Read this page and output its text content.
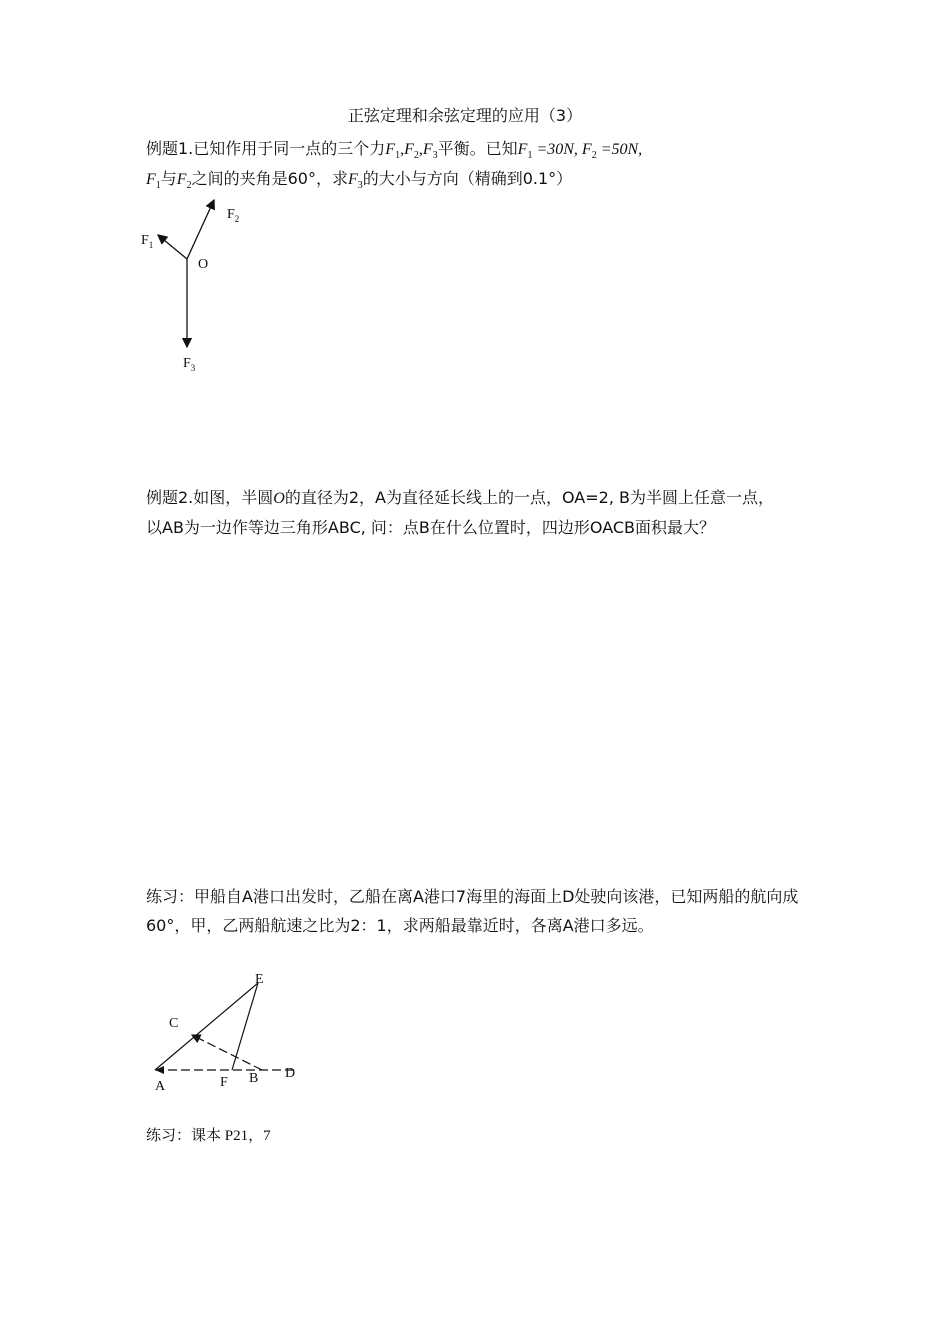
正弦定理和余弦定理的应用（3）
例题1.已知作用于同一点的三个力$F_1,F_2,F_3$平衡。已知$F_1 =30N$, $F_2 =50N$,
$F_1$与$F_2$之间的夹角是60°，求$F_3$的大小与方向（精确到0.1°）
$F_1$
$F_2$
O
$F_3$
例题2.如图，半圆O的直径为2，A为直径延长线上的一点，OA=2, B为半圆上任意一点，
以AB为一边作等边三角形ABC, 问：点B在什么位置时，四边形OACB面积最大？
练习：甲船自A港口出发时，乙船在离A港口7海里的海面上D处驶向该港，已知两船的航向成
60°，甲，乙两船航速之比为2：1，求两船最靠近时，各离A港口多远。
E
C
A	F B D
练习：课本 P21，7
